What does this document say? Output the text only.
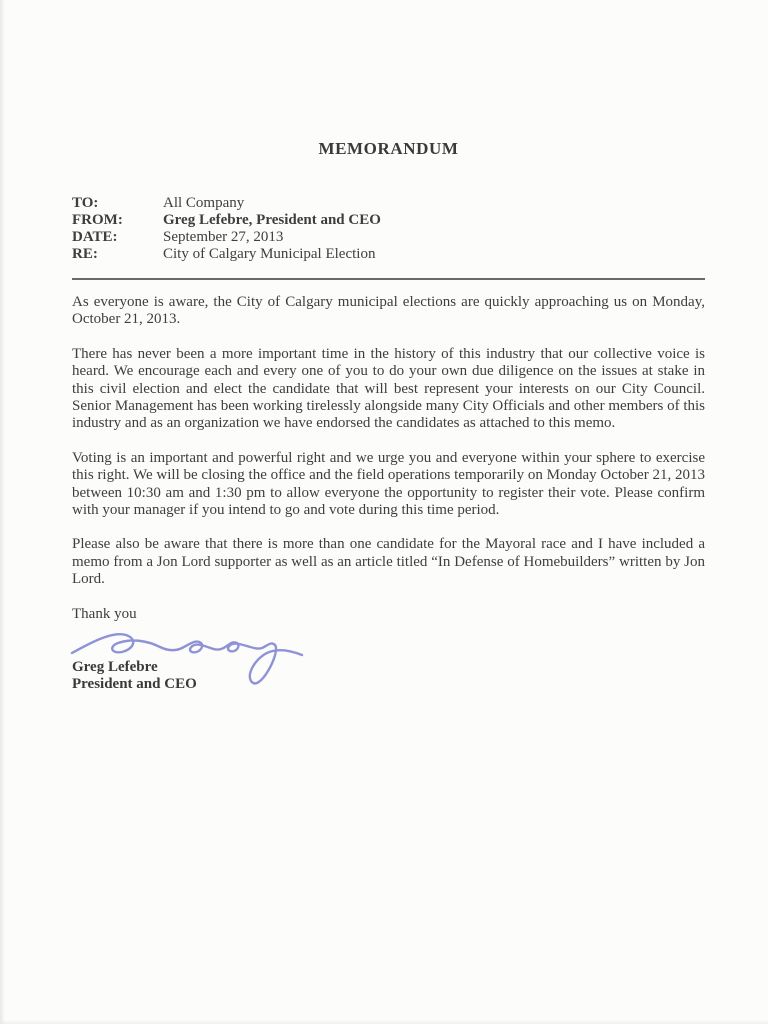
MEMORANDUM
TO:	All Company
FROM:	Greg Lefebre, President and CEO
DATE:	September 27, 2013
RE:	City of Calgary Municipal Election

As everyone is aware, the City of Calgary municipal elections are quickly approaching us on Monday, October 21, 2013.

There has never been a more important time in the history of this industry that our collective voice is heard. We encourage each and every one of you to do your own due diligence on the issues at stake in this civil election and elect the candidate that will best represent your interests on our City Council. Senior Management has been working tirelessly alongside many City Officials and other members of this industry and as an organization we have endorsed the candidates as attached to this memo.

Voting is an important and powerful right and we urge you and everyone within your sphere to exercise this right. We will be closing the office and the field operations temporarily on Monday October 21, 2013 between 10:30 am and 1:30 pm to allow everyone the opportunity to register their vote. Please confirm with your manager if you intend to go and vote during this time period.

Please also be aware that there is more than one candidate for the Mayoral race and I have included a memo from a Jon Lord supporter as well as an article titled “In Defense of Homebuilders” written by Jon Lord.

Thank you
Greg Lefebre
President and CEO
